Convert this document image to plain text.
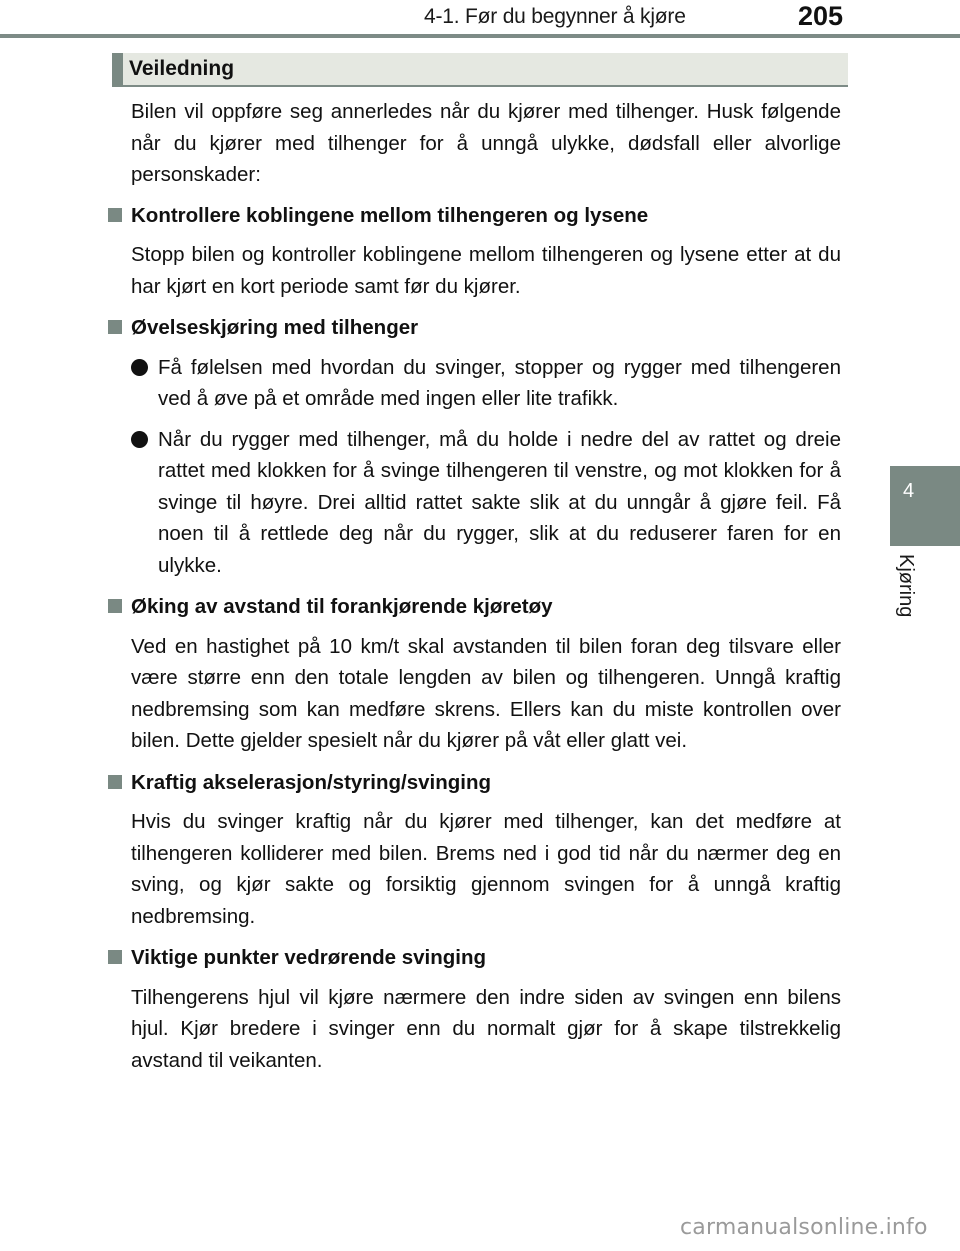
4-1. Før du begynner å kjøre	205
4
Kjøring
Veiledning

Bilen vil oppføre seg annerledes når du kjører med tilhenger. Husk følgende når du kjører med tilhenger for å unngå ulykke, dødsfall eller alvorlige personskader:

Kontrollere koblingene mellom tilhengeren og lysene

Stopp bilen og kontroller koblingene mellom tilhengeren og lysene etter at du har kjørt en kort periode samt før du kjører.

Øvelseskjøring med tilhenger
Få følelsen med hvordan du svinger, stopper og rygger med tilhengeren ved å øve på et område med ingen eller lite trafikk.
Når du rygger med tilhenger, må du holde i nedre del av rattet og dreie rattet med klokken for å svinge tilhengeren til venstre, og mot klokken for å svinge til høyre. Drei alltid rattet sakte slik at du unngår å gjøre feil. Få noen til å rettlede deg når du rygger, slik at du reduserer faren for en ulykke.
Øking av avstand til forankjørende kjøretøy

Ved en hastighet på 10 km/t skal avstanden til bilen foran deg tilsvare eller være større enn den totale lengden av bilen og tilhengeren. Unngå kraftig nedbremsing som kan medføre skrens. Ellers kan du miste kontrollen over bilen. Dette gjelder spesielt når du kjører på våt eller glatt vei.

Kraftig akselerasjon/styring/svinging

Hvis du svinger kraftig når du kjører med tilhenger, kan det medføre at tilhengeren kolliderer med bilen. Brems ned i god tid når du nærmer deg en sving, og kjør sakte og forsiktig gjennom svingen for å unngå kraftig nedbremsing.

Viktige punkter vedrørende svinging

Tilhengerens hjul vil kjøre nærmere den indre siden av svingen enn bilens hjul. Kjør bredere i svinger enn du normalt gjør for å skape tilstrekkelig avstand til veikanten.

carmanualsonline.info
